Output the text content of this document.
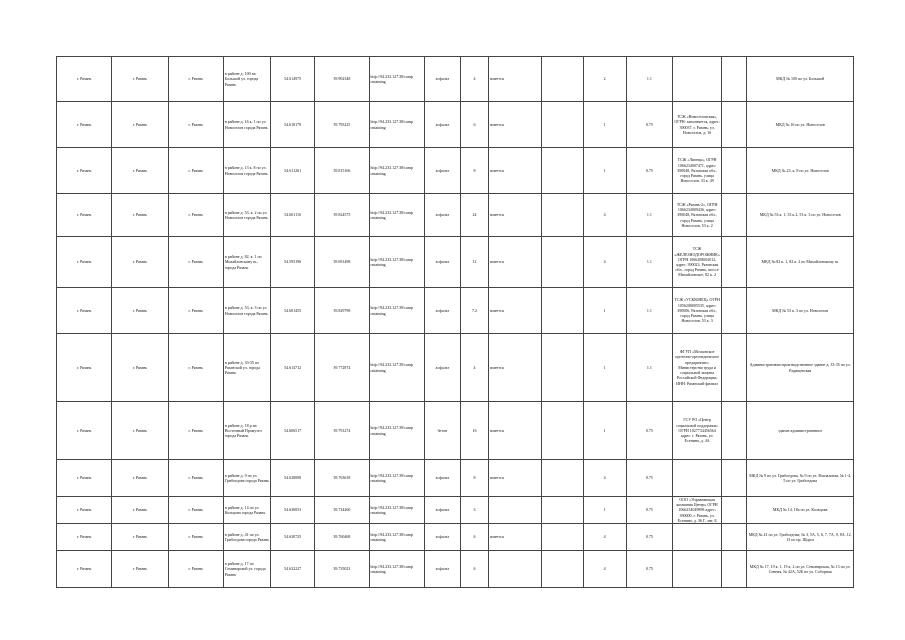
г. Рязань	г. Рязань	г. Рязань	в районе д. 100 на Большой ул. города Рязань	54.614975	39.902348	http://94.233.127.38/camp ontaining	асфальт	4	имеется		2	1.1			МКД № 100 по ул. Большой
г. Рязань	г. Рязань	г. Рязань	в районе д. 16 к. 1 по ул. Новоселов города Рязань	54.610179	39.795225	http://94.233.127.38/camp ontaining	асфальт	6	имеется		1	0.75	ТСЖ «Новоселовская», ОГРН: заполняется, адрес: 390037, г. Рязань, ул. Новоселов, д. 16		МКД № 16 по ул. Новоселов
г. Рязань	г. Рязань	г. Рязань	в районе д. 13 к. 8 по ул. Новоселов города Рязань	54.611261	39.815166	http://94.233.127.38/camp ontaining	асфальт	8	имеется		1	0.75	ТСЖ «Липецк», ОГРН 1066234007471, адрес: 390048, Рязанская обл., город Рязань, улица Новоселов, 33 к. 49		МКД № 23, к. 8 по ул. Новоселов
г. Рязань	г. Рязань	г. Рязань	в районе д. 53, к. 2 по ул. Новоселов города Рязань	54.601116	39.824575	http://94.233.127.38/camp ontaining	асфальт	24	имеется		4	1.1	ТСЖ «Рязань-2», ОГРН 1066234009436, адрес: 390048, Рязанская обл., город Рязань, улица Новоселов, 53 к. 2		МКД № 53 к. 1, 53 к.2, 53 к. 3 по ул. Новоселов
г. Рязань	г. Рязань	г. Рязань	в районе д. 82, к. 1 по Михайловскому ш., города Рязань	54.593196	39.691498	http://94.233.127.38/camp ontaining	асфальт	12	имеется		4	1.1	ТСЖ «ЖЕЛЕЗНОДОРОЖНИК» ОГРН 1066208002012, адрес: 390023, Рязанская обл., город Рязань, шоссе Михайловское, 82 к. 2		МКД № 82 к. 1, 82 к. 2 по Михайловскому ш.
г. Рязань	г. Рязань	г. Рязань	в районе д. 53, к. 3 по ул. Новоселов города Рязань	54.601455	39.829798	http://94.233.127.39/camp ontaining	асфальт	7.2	имеется		1	1.1	ТСЖ «УСКЮНЕЦ» ОГРН 1056208005535, адрес: 390006, Рязанская обл., город Рязань, улица Новоселов, 53 к. 3		МКД № 53 к. 3 по ул. Новоселов
г. Рязань	г. Рязань	г. Рязань	в районе д. 33-35 по Рязанской ул. города Рязань	54.614712	39.772874	http://94.233.127.39/camp ontaining	асфальт	4	имеется		1	1.1	ФГУП «Московское протезно-ортопедическое предприятие» Министерства труда и социальной защиты Российской Федерации, ИНН: Рязанский филиал		Административно-производственное здание д. 33-35 по ул. Радищевская
г. Рязань	г. Рязань	г. Рязань	в районе д. 18 р на Восточный Промузел города Рязань	54.606517	39.791274	http://94.233.127.39/camp ontaining	бетон	16	имеется		1	0.75	ГСУ РО «Центр социальной поддержки» ОГРН 1027734456564 адрес: г. Рязань, ул. Есенина, д. 4А		здание административное
г. Рязань	г. Рязань	г. Рязань	в районе д. 9 по ул. Грибоедова города Рязань	54.628008	39.763618	http://94.233.127.39/camp ontaining	асфальт	8	имеется		4	0.75			МКД № 9 по ул. Грибоедова, № 9 по ул. Вокзальная, № 1-4, 5 по ул. Грибоедова
г. Рязань	г. Рязань	г. Рязань	в районе д. 14 по ул. Кольцова города Рязань	54.630053	39.734260	http://94.233.127.38/camp ontaining	асфальт	3			1	0.75	ООО «Управляющая компания Центр» ОГРН 1066234049898 адрес: 390000, г. Рязань, ул. Есенина, д. 36 Г, лит. Б		МКД № 14, 18а по ул. Кольцова
г. Рязань	г. Рязань	г. Рязань	в районе д. 41 по ул. Грибоедова города Рязань	54.630725	39.760468	http://94.233.127.38/camp ontaining	асфальт	6	имеется		4	0.75			МКД № 41 по ул. Грибоедова; № 3, 5А, 5, 6, 7, 7А, 9, 8А, 12, 13 по пр. Щорса
г. Рязань	г. Рязань	г. Рязань	в районе д. 17 по Семинарской ул. города Рязань	54.632227	39.735023	http://94.233.127.38/camp ontaining	асфальт	6			4	0.75			МКД № 17, 19 к. 1, 19 к. 2 по ул. Семинарская, № 13 по ул. Сенная, № 42А, 52Б по ул. Соборная
